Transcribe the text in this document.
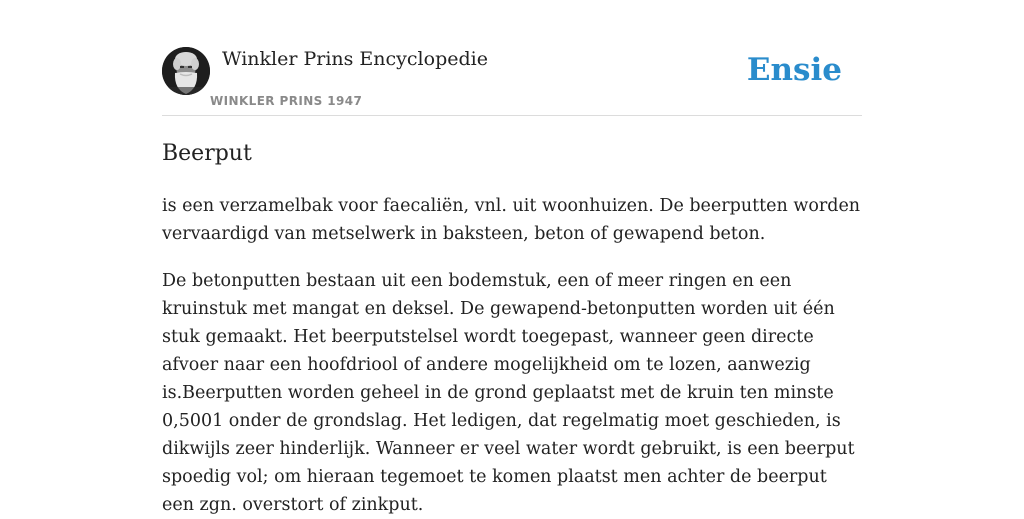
Winkler Prins Encyclopedie
WINKLER PRINS 1947
Ensie
Beerput

is een verzamelbak voor faecaliën, vnl. uit woonhuizen. De beerputten worden vervaardigd van metselwerk in baksteen, beton of gewapend beton.

De betonputten bestaan uit een bodemstuk, een of meer ringen en een kruinstuk met mangat en deksel. De gewapend-betonputten worden uit één stuk gemaakt. Het beerputstelsel wordt toegepast, wanneer geen directe afvoer naar een hoofdriool of andere mogelijkheid om te lozen, aanwezig is.Beerputten worden geheel in de grond geplaatst met de kruin ten minste 0,5001 onder de grondslag. Het ledigen, dat regelmatig moet geschieden, is dikwijls zeer hinderlijk. Wanneer er veel water wordt gebruikt, is een beerput spoedig vol; om hieraan tegemoet te komen plaatst men achter de beerput een zgn. overstort of zinkput.
